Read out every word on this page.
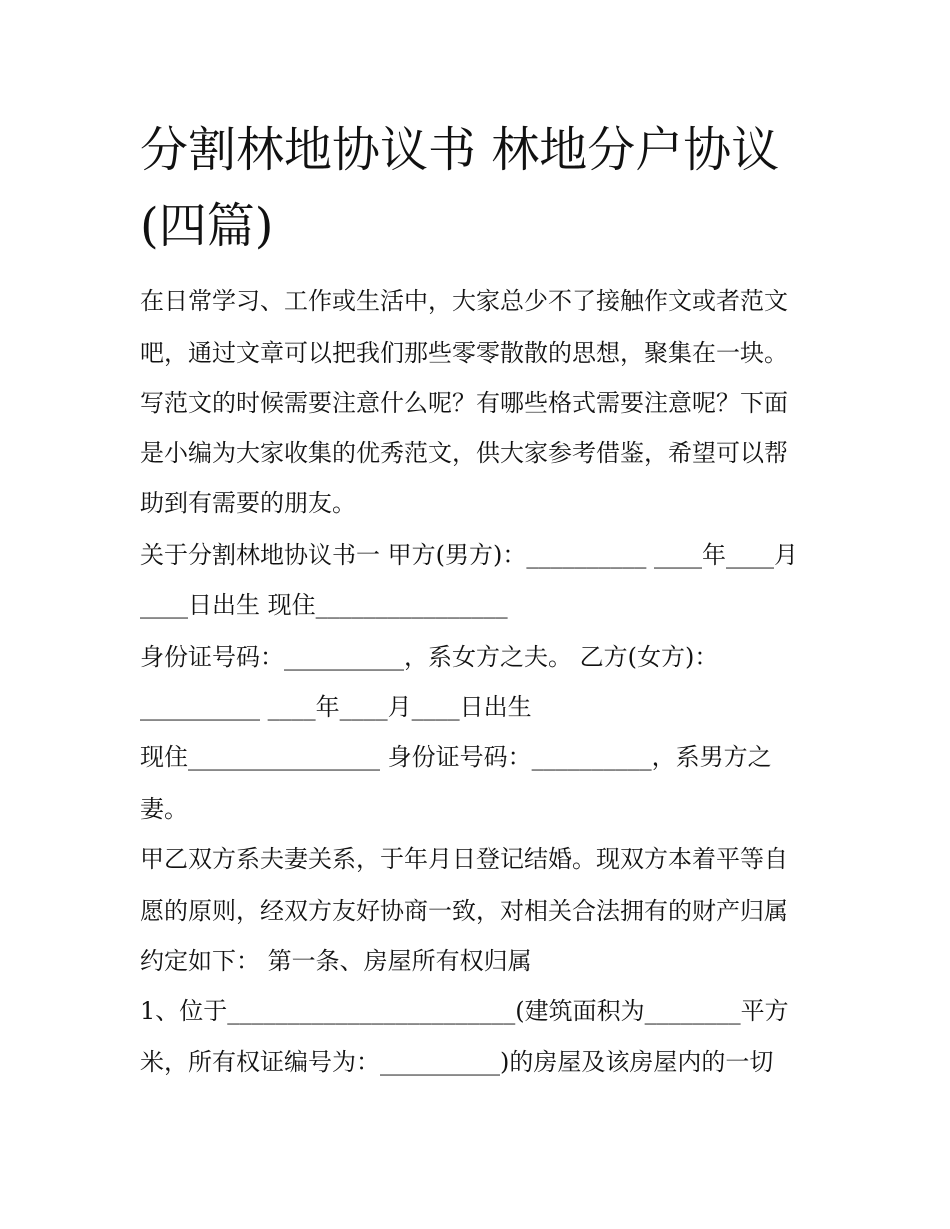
分割林地协议书 林地分户协议
(四篇)

在日常学习、工作或生活中，大家总少不了接触作文或者范文

吧，通过文章可以把我们那些零零散散的思想，聚集在一块。

写范文的时候需要注意什么呢？有哪些格式需要注意呢？下面

是小编为大家收集的优秀范文，供大家参考借鉴，希望可以帮

助到有需要的朋友。

关于分割林地协议书一 甲方(男方)：__________ ____年____月

____日出生 现住________________

身份证号码：__________，系女方之夫。 乙方(女方)：

__________ ____年____月____日出生

现住________________ 身份证号码：__________，系男方之

妻。

甲乙双方系夫妻关系，于年月日登记结婚。现双方本着平等自

愿的原则，经双方友好协商一致，对相关合法拥有的财产归属

约定如下： 第一条、房屋所有权归属

1、位于________________________(建筑面积为________平方

米，所有权证编号为：__________)的房屋及该房屋内的一切
